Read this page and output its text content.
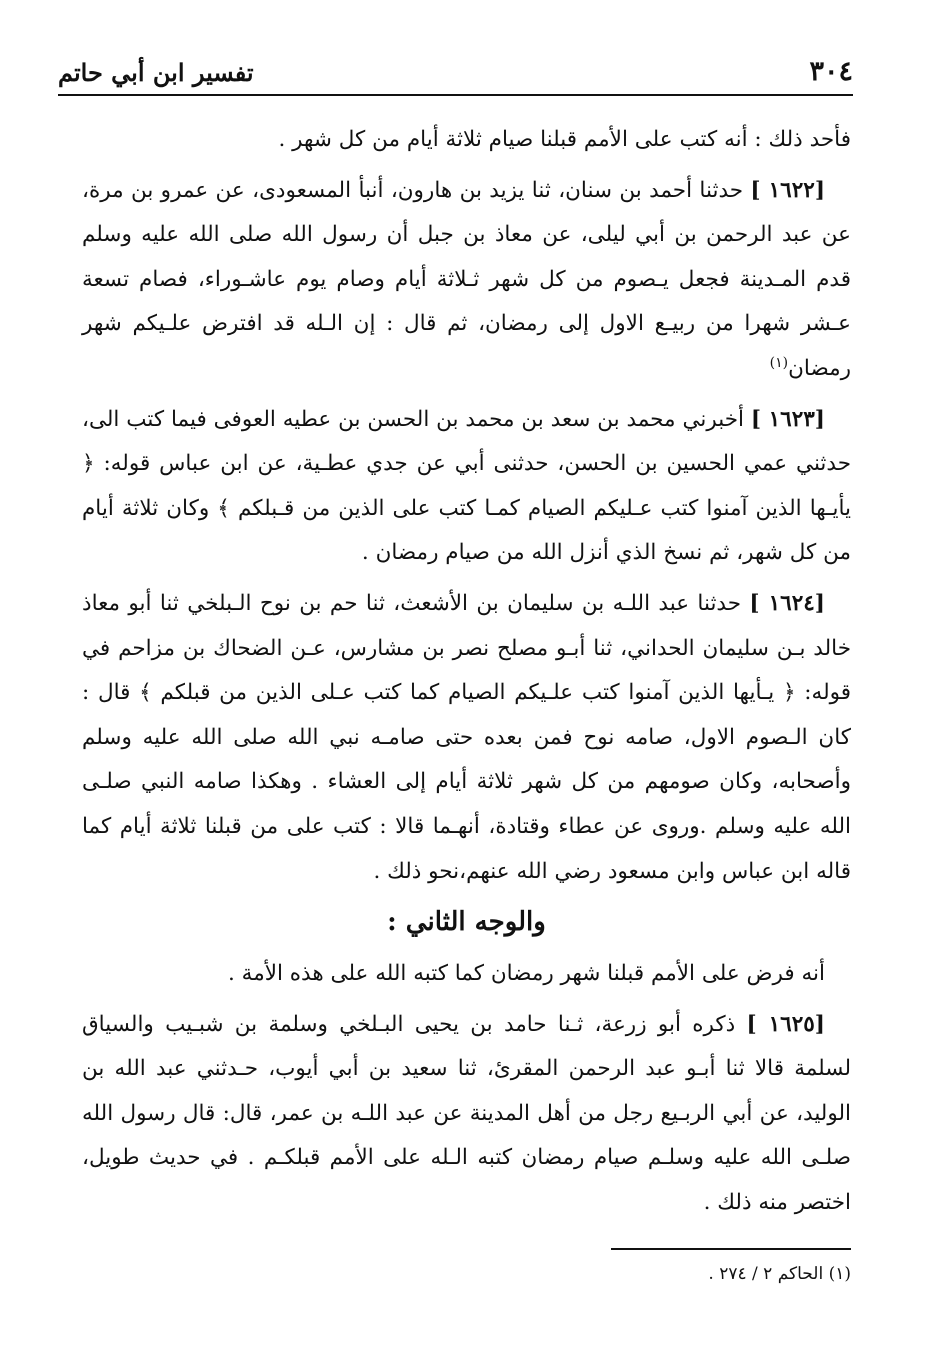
٣٠٤
تفسير ابن أبي حاتم

فأحد ذلك : أنه كتب على الأمم قبلنا صيام ثلاثة أيام من كل شهر .

[١٦٢٢ ] حدثنا أحمد بن سنان، ثنا يزيد بن هارون، أنبأ المسعودى، عن عمرو بن مرة، عن عبد الرحمن بن أبي ليلى، عن معاذ بن جبل أن رسول الله صلى الله عليه وسلم قدم المـدينة فجعل يـصوم من كل شهر ثـلاثة أيام وصام يوم عاشـوراء، فصام تسعة عـشر شهرا من ربيـع الاول إلى رمضان، ثم قال : إن الـله قد افترض علـيكم شهر رمضان$^{(١)}$

[١٦٢٣ ] أخبرني محمد بن سعد بن محمد بن الحسن بن عطيه العوفى فيما كتب الى، حدثني عمي الحسين بن الحسن، حدثنى أبي عن جدي عطـية، عن ابن عباس قوله: ﴿ يأيـها الذين آمنوا كتب عـليكم الصيام كمـا كتب على الذين من قـبلكم ﴾ وكان ثلاثة أيام من كل شهر، ثم نسخ الذي أنزل الله من صيام رمضان .

[١٦٢٤ ] حدثنا عبد اللـه بن سليمان بن الأشعث، ثنا حم بن نوح الـبلخي ثنا أبو معاذ خالد بـن سليمان الحداني، ثنا أبـو مصلح نصر بن مشارس، عـن الضحاك بن مزاحم في قوله: ﴿ يـأيها الذين آمنوا كتب علـيكم الصيام كما كتب عـلى الذين من قبلكم ﴾ قال : كان الـصوم الاول، صامه نوح فمن بعده حتى صامـه نبي الله صلى الله عليه وسلم وأصحابه، وكان صومهم من كل شهر ثلاثة أيام إلى العشاء . وهكذا صامه النبي صلـى الله عليه وسلم .وروى عن عطاء وقتادة، أنهـما قالا : كتب على من قبلنا ثلاثة أيام كما قاله ابن عباس وابن مسعود رضي الله عنهم،نحو ذلك .

والوجه الثاني :

أنه فرض على الأمم قبلنا شهر رمضان كما كتبه الله على هذه الأمة .

[١٦٢٥ ] ذكره أبو زرعة، ثـنا حامد بن يحيى البـلخي وسلمة بن شبـيب والسياق لسلمة قالا ثنا أبـو عبد الرحمن المقرئ، ثنا سعيد بن أبي أيوب، حـدثني عبد الله بن الوليد، عن أبي الربـيع رجل من أهل المدينة عن عبد اللـه بن عمر، قال: قال رسول الله صلـى الله عليه وسلـم صيام رمضان كتبه الـله على الأمم قبلكـم . في حديث طويل، اختصر منه ذلك .

(١) الحاكم ٢ / ٢٧٤ .
